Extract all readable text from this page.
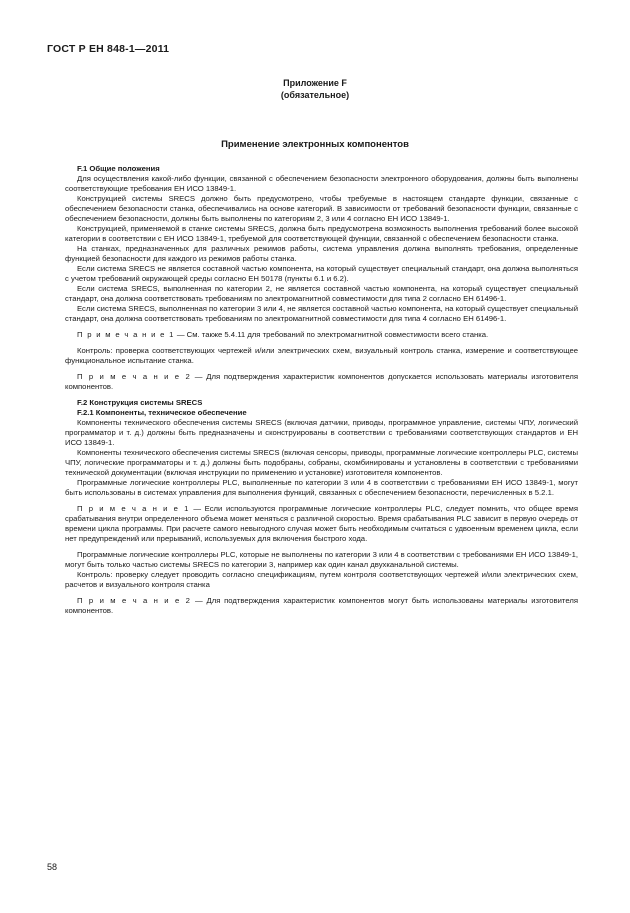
ГОСТ Р ЕН 848-1—2011
Приложение F
(обязательное)
Применение электронных компонентов

F.1 Общие положения

Для осуществления какой-либо функции, связанной с обеспечением безопасности электронного оборудования, должны быть выполнены соответствующие требования ЕН ИСО 13849-1.

Конструкцией системы SRECS должно быть предусмотрено, чтобы требуемые в настоящем стандарте функции, связанные с обеспечением безопасности станка, обеспечивались на основе категорий. В зависимости от требований безопасности функции, связанные с обеспечением безопасности, должны быть выполнены по категориям 2, 3 или 4 согласно ЕН ИСО 13849-1.

Конструкцией, применяемой в станке системы SRECS, должна быть предусмотрена возможность выполнения требований более высокой категории в соответствии с ЕН ИСО 13849-1, требуемой для соответствующей функции, связанной с обеспечением безопасности станка.

На станках, предназначенных для различных режимов работы, система управления должна выполнять требования, определенные функцией безопасности для каждого из режимов работы станка.

Если система SRECS не является составной частью компонента, на который существует специальный стандарт, она должна выполняться с учетом требований окружающей среды согласно ЕН 50178 (пункты 6.1 и 6.2).

Если система SRECS, выполненная по категории 2, не является составной частью компонента, на который существует специальный стандарт, она должна соответствовать требованиям по электромагнитной совместимости для типа 2 согласно ЕН 61496-1.

Если система SRECS, выполненная по категории 3 или 4, не является составной частью компонента, на который существует специальный стандарт, она должна соответствовать требованиям по электромагнитной совместимости для типа 4 согласно ЕН 61496-1.

П р и м е ч а н и е 1 — См. также 5.4.11 для требований по электромагнитной совместимости всего станка.

Контроль: проверка соответствующих чертежей и/или электрических схем, визуальный контроль станка, измерение и соответствующее функциональное испытание станка.

П р и м е ч а н и е 2 — Для подтверждения характеристик компонентов допускается использовать материалы изготовителя компонентов.

F.2 Конструкция системы SRECS

F.2.1 Компоненты, техническое обеспечение

Компоненты технического обеспечения системы SRECS (включая датчики, приводы, программное управление, системы ЧПУ, логический программатор и т. д.) должны быть предназначены и сконструированы в соответствии с требованиями соответствующих стандартов и ЕН ИСО 13849-1.

Компоненты технического обеспечения системы SRECS (включая сенсоры, приводы, программные логические контроллеры PLC, системы ЧПУ, логические программаторы и т. д.) должны быть подобраны, собраны, скомбинированы и установлены в соответствии с требованиями технической документации (включая инструкции по применению и установке) изготовителя компонентов.

Программные логические контроллеры PLC, выполненные по категории 3 или 4 в соответствии с требованиями ЕН ИСО 13849-1, могут быть использованы в системах управления для выполнения функций, связанных с обеспечением безопасности, перечисленных в 5.2.1.

П р и м е ч а н и е 1 — Если используются программные логические контроллеры PLC, следует помнить, что общее время срабатывания внутри определенного объема может меняться с различной скоростью. Время срабатывания PLC зависит в первую очередь от времени цикла программы. При расчете самого невыгодного случая может быть необходимым считаться с удвоенным временем цикла, если нет предупреждений или прерываний, используемых для включения быстрого хода.

Программные логические контроллеры PLC, которые не выполнены по категории 3 или 4 в соответствии с требованиями ЕН ИСО 13849-1, могут быть только частью системы SRECS по категории 3, например как один канал двухканальной системы.

Контроль: проверку следует проводить согласно спецификациям, путем контроля соответствующих чертежей и/или электрических схем, расчетов и визуального контроля станка

П р и м е ч а н и е 2 — Для подтверждения характеристик компонентов могут быть использованы материалы изготовителя компонентов.

58
